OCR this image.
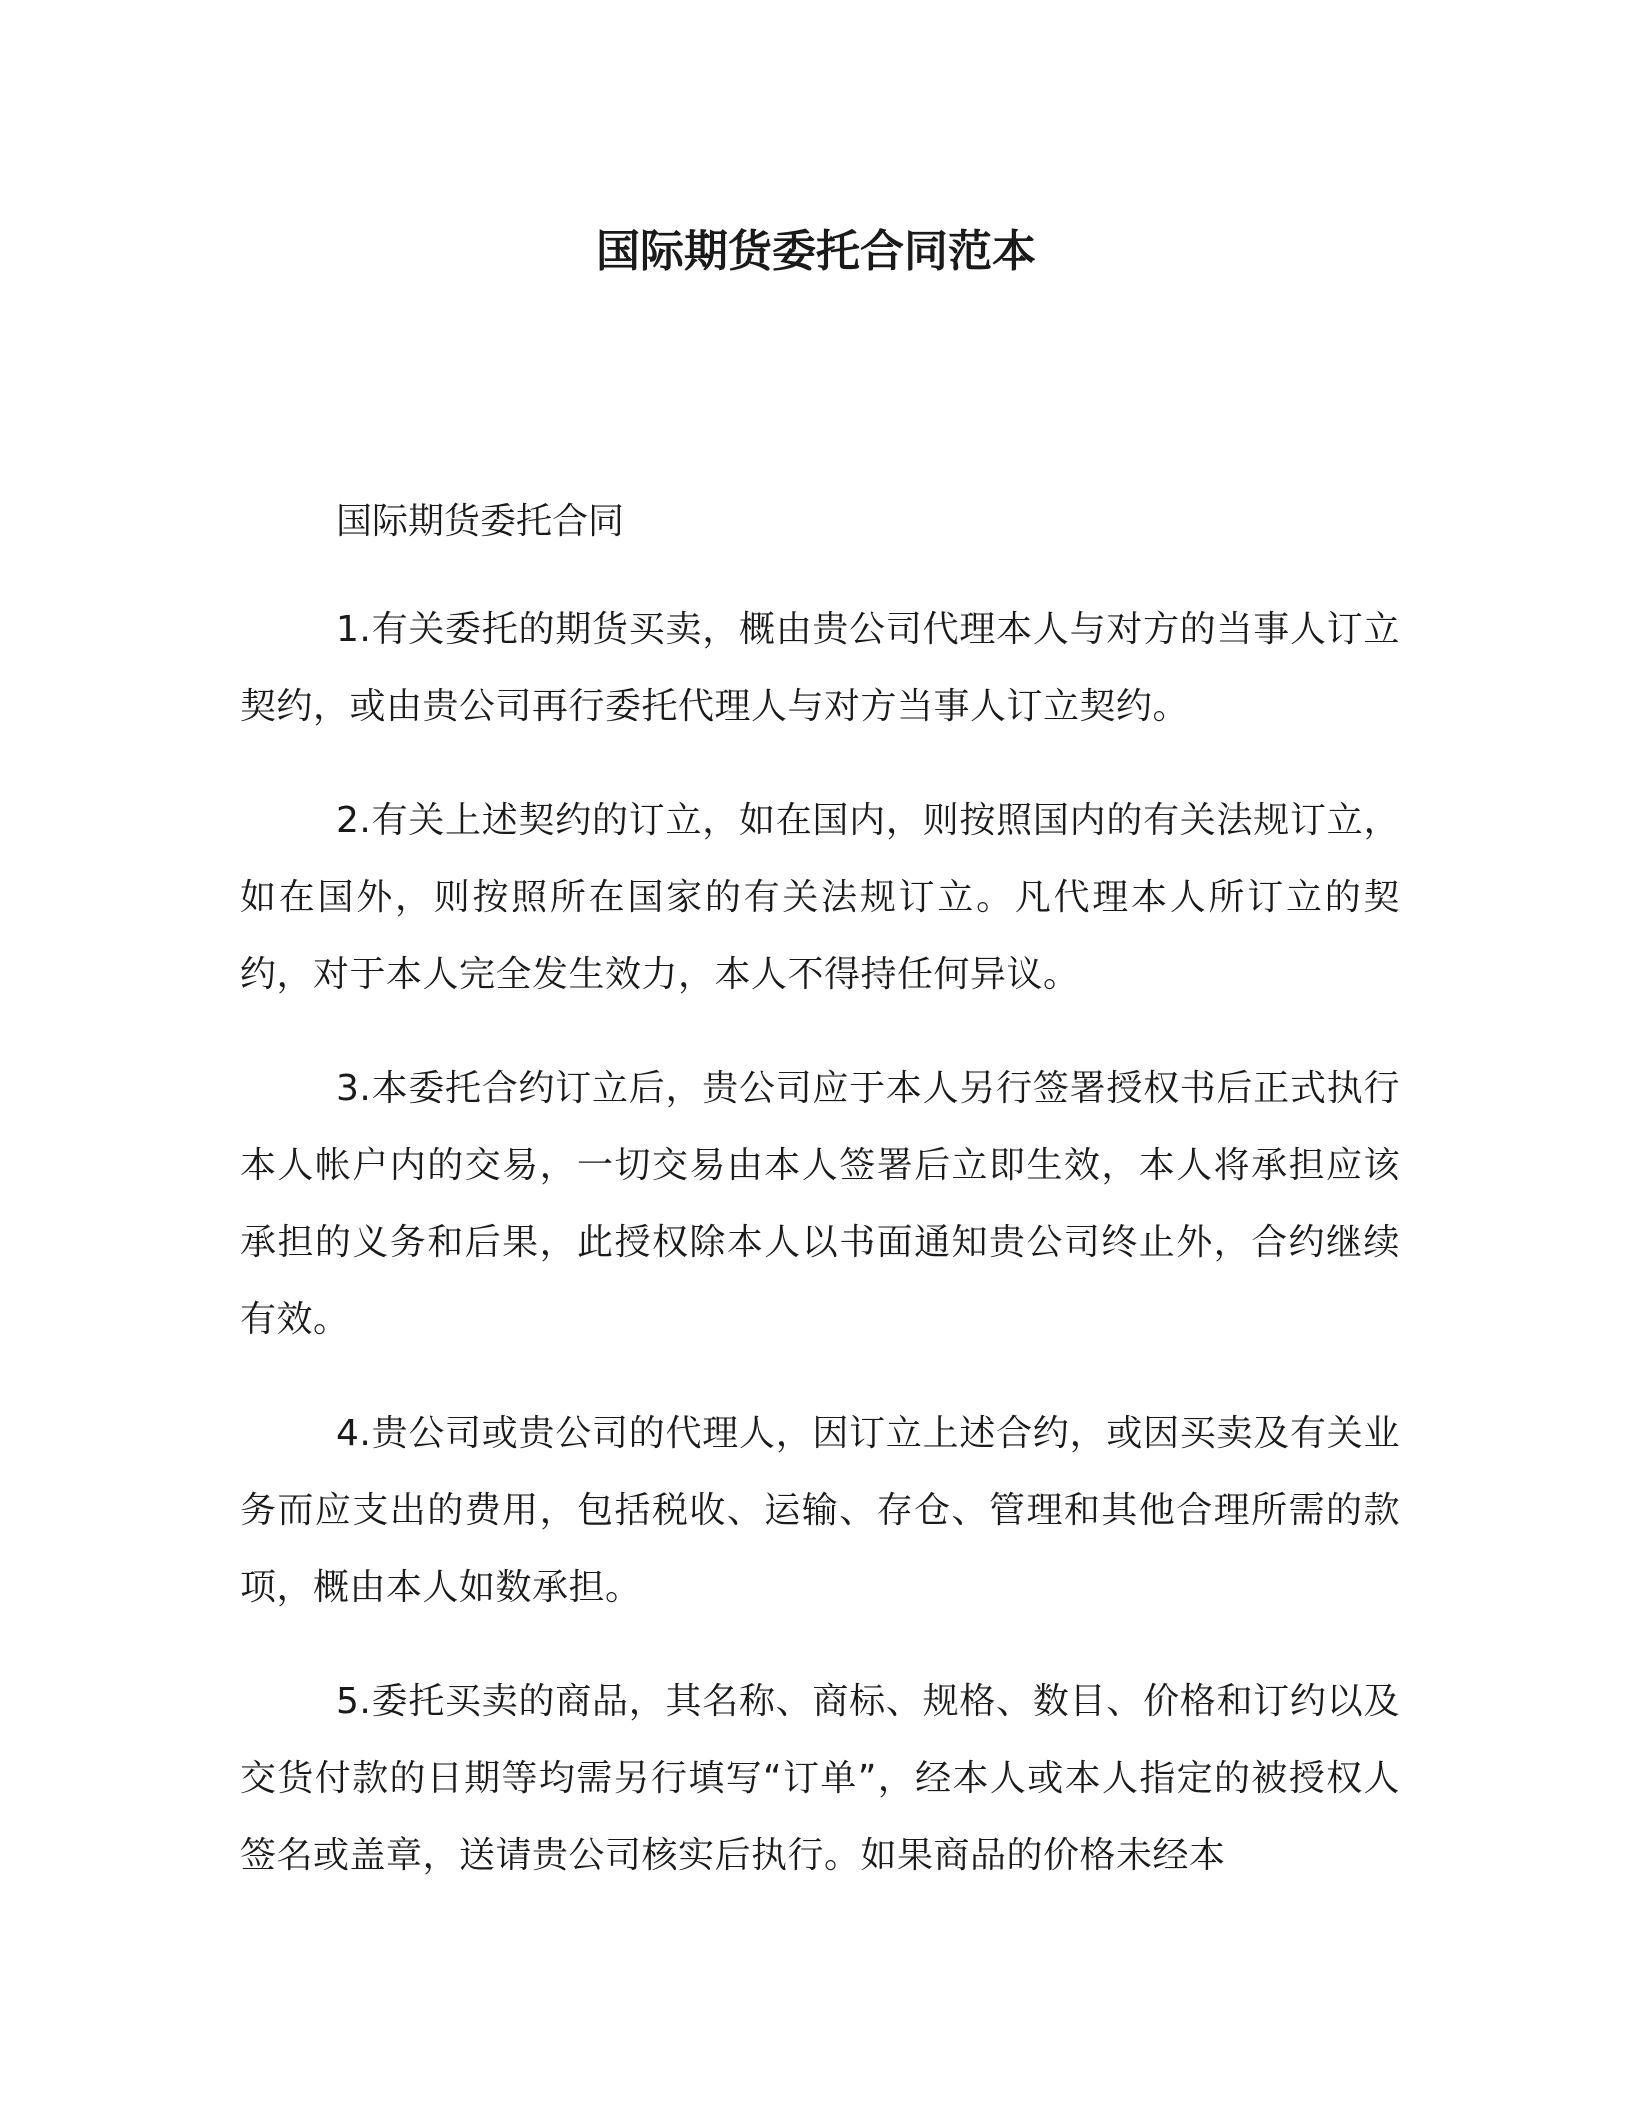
国际期货委托合同范本

国际期货委托合同

1.有关委托的期货买卖，概由贵公司代理本人与对方的当事人订立契约，或由贵公司再行委托代理人与对方当事人订立契约。

2.有关上述契约的订立，如在国内，则按照国内的有关法规订立，如在国外，则按照所在国家的有关法规订立。凡代理本人所订立的契约，对于本人完全发生效力，本人不得持任何异议。

3.本委托合约订立后，贵公司应于本人另行签署授权书后正式执行本人帐户内的交易，一切交易由本人签署后立即生效，本人将承担应该承担的义务和后果，此授权除本人以书面通知贵公司终止外，合约继续有效。

4.贵公司或贵公司的代理人，因订立上述合约，或因买卖及有关业务而应支出的费用，包括税收、运输、存仓、管理和其他合理所需的款项，概由本人如数承担。

5.委托买卖的商品，其名称、商标、规格、数目、价格和订约以及交货付款的日期等均需另行填写“订单”，经本人或本人指定的被授权人签名或盖章，送请贵公司核实后执行。如果商品的价格未经本
